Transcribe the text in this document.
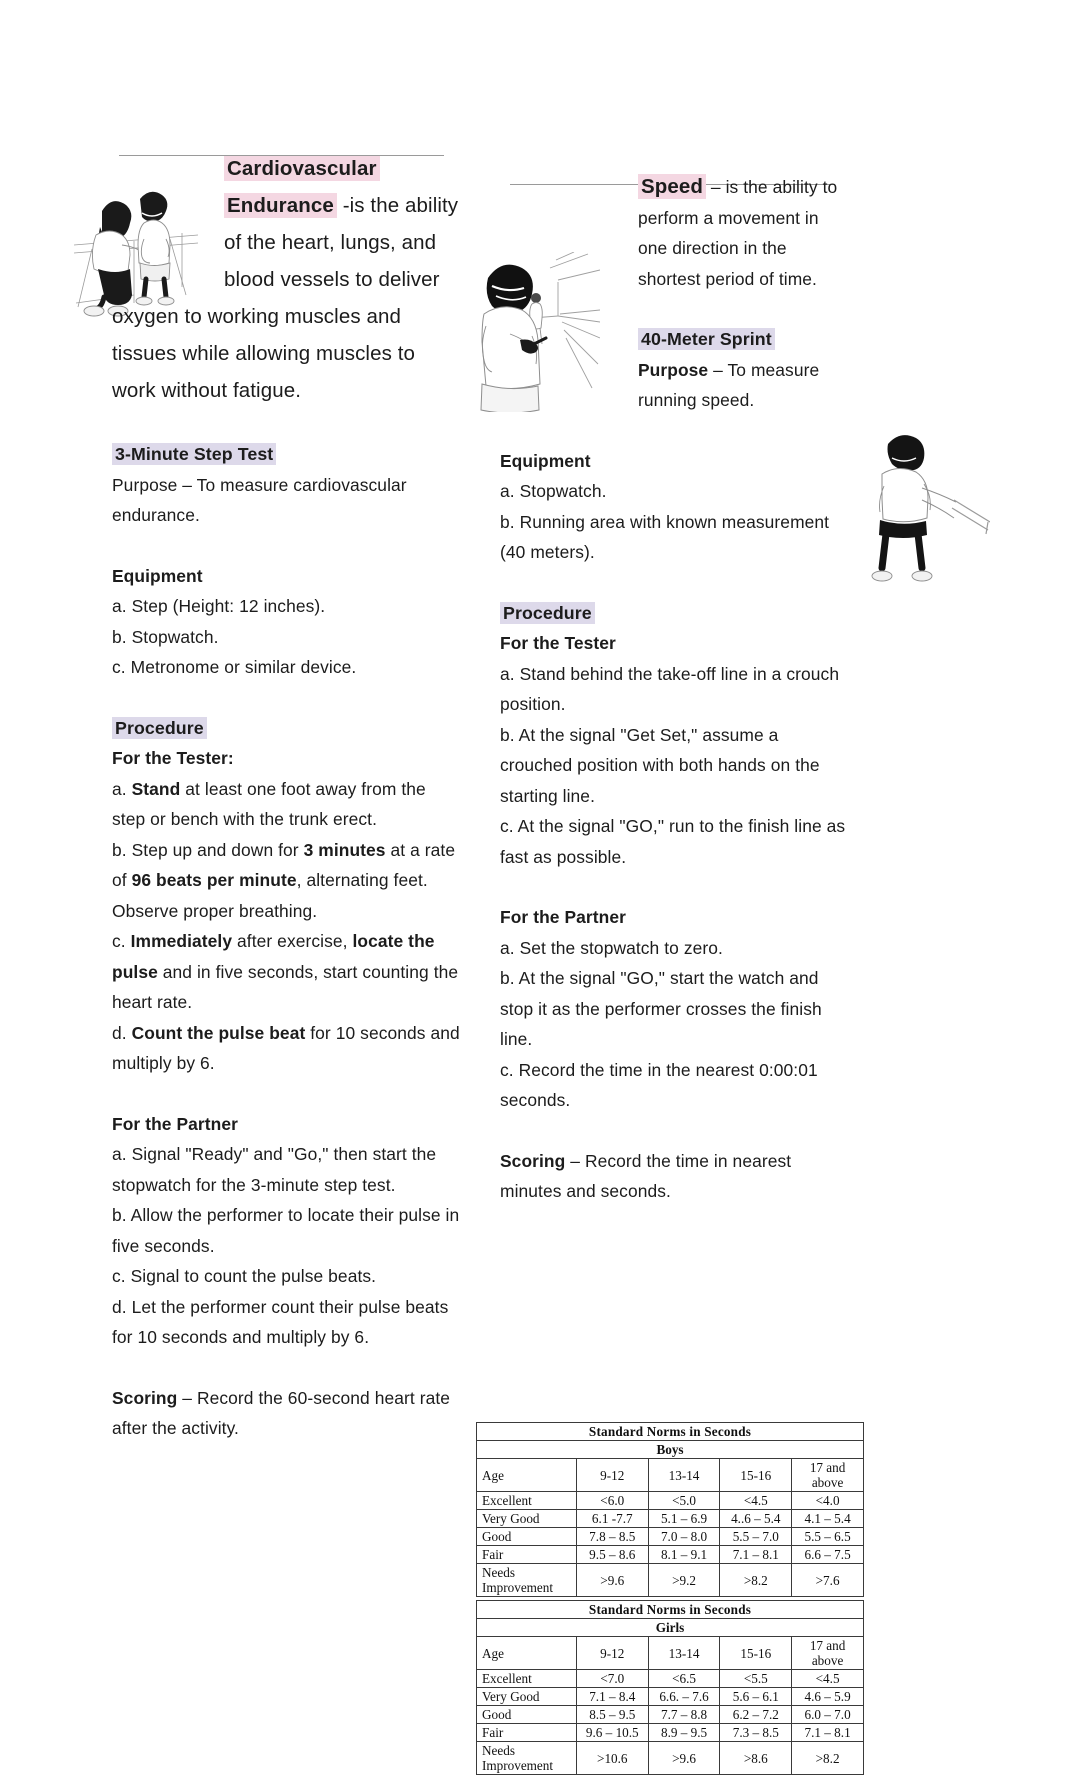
Cardiovascular Endurance -is the ability of the heart, lungs, and blood vessels to deliver oxygen to working muscles and tissues while allowing muscles to work without fatigue.

3-Minute Step Test

Purpose – To measure cardiovascular endurance.

Equipment

a. Step (Height: 12 inches).

b. Stopwatch.

c. Metronome or similar device.

Procedure

For the Tester:

a. Stand at least one foot away from the step or bench with the trunk erect.

b. Step up and down for 3 minutes at a rate of 96 beats per minute, alternating feet. Observe proper breathing.

c. Immediately after exercise, locate the pulse and in five seconds, start counting the heart rate.

d. Count the pulse beat for 10 seconds and multiply by 6.

For the Partner

a. Signal "Ready" and "Go," then start the stopwatch for the 3-minute step test.

b. Allow the performer to locate their pulse in five seconds.

c. Signal to count the pulse beats.

d. Let the performer count their pulse beats for 10 seconds and multiply by 6.

Scoring – Record the 60-second heart rate after the activity.

Speed – is the ability to perform a movement in one direction in the shortest period of time.

40-Meter Sprint

Purpose – To measure running speed.

Equipment

a. Stopwatch.

b. Running area with known measurement (40 meters).

Procedure

For the Tester

a. Stand behind the take-off line in a crouch position.

b. At the signal "Get Set," assume a crouched position with both hands on the starting line.

c. At the signal "GO," run to the finish line as fast as possible.

For the Partner

a. Set the stopwatch to zero.

b. At the signal "GO," start the watch and stop it as the performer crosses the finish line.

c. Record the time in the nearest 0:00:01 seconds.

Scoring – Record the time in nearest minutes and seconds.

Standard Norms in Seconds				
Boys				
Age	9-12	13-14	15-16	17 and above
Excellent	<6.0	<5.0	<4.5	<4.0
Very Good	6.1 -7.7	5.1 – 6.9	4..6 – 5.4	4.1 – 5.4
Good	7.8 – 8.5	7.0 – 8.0	5.5 – 7.0	5.5 – 6.5
Fair	9.5 – 8.6	8.1 – 9.1	7.1 – 8.1	6.6 – 7.5
Needs Improvement	>9.6	>9.2	>8.2	>7.6
Standard Norms in Seconds				
Girls				
Age	9-12	13-14	15-16	17 and above
Excellent	<7.0	<6.5	<5.5	<4.5
Very Good	7.1 – 8.4	6.6. – 7.6	5.6 – 6.1	4.6 – 5.9
Good	8.5 – 9.5	7.7 – 8.8	6.2 – 7.2	6.0 – 7.0
Fair	9.6 – 10.5	8.9 – 9.5	7.3 – 8.5	7.1 – 8.1
Needs Improvement	>10.6	>9.6	>8.6	>8.2
